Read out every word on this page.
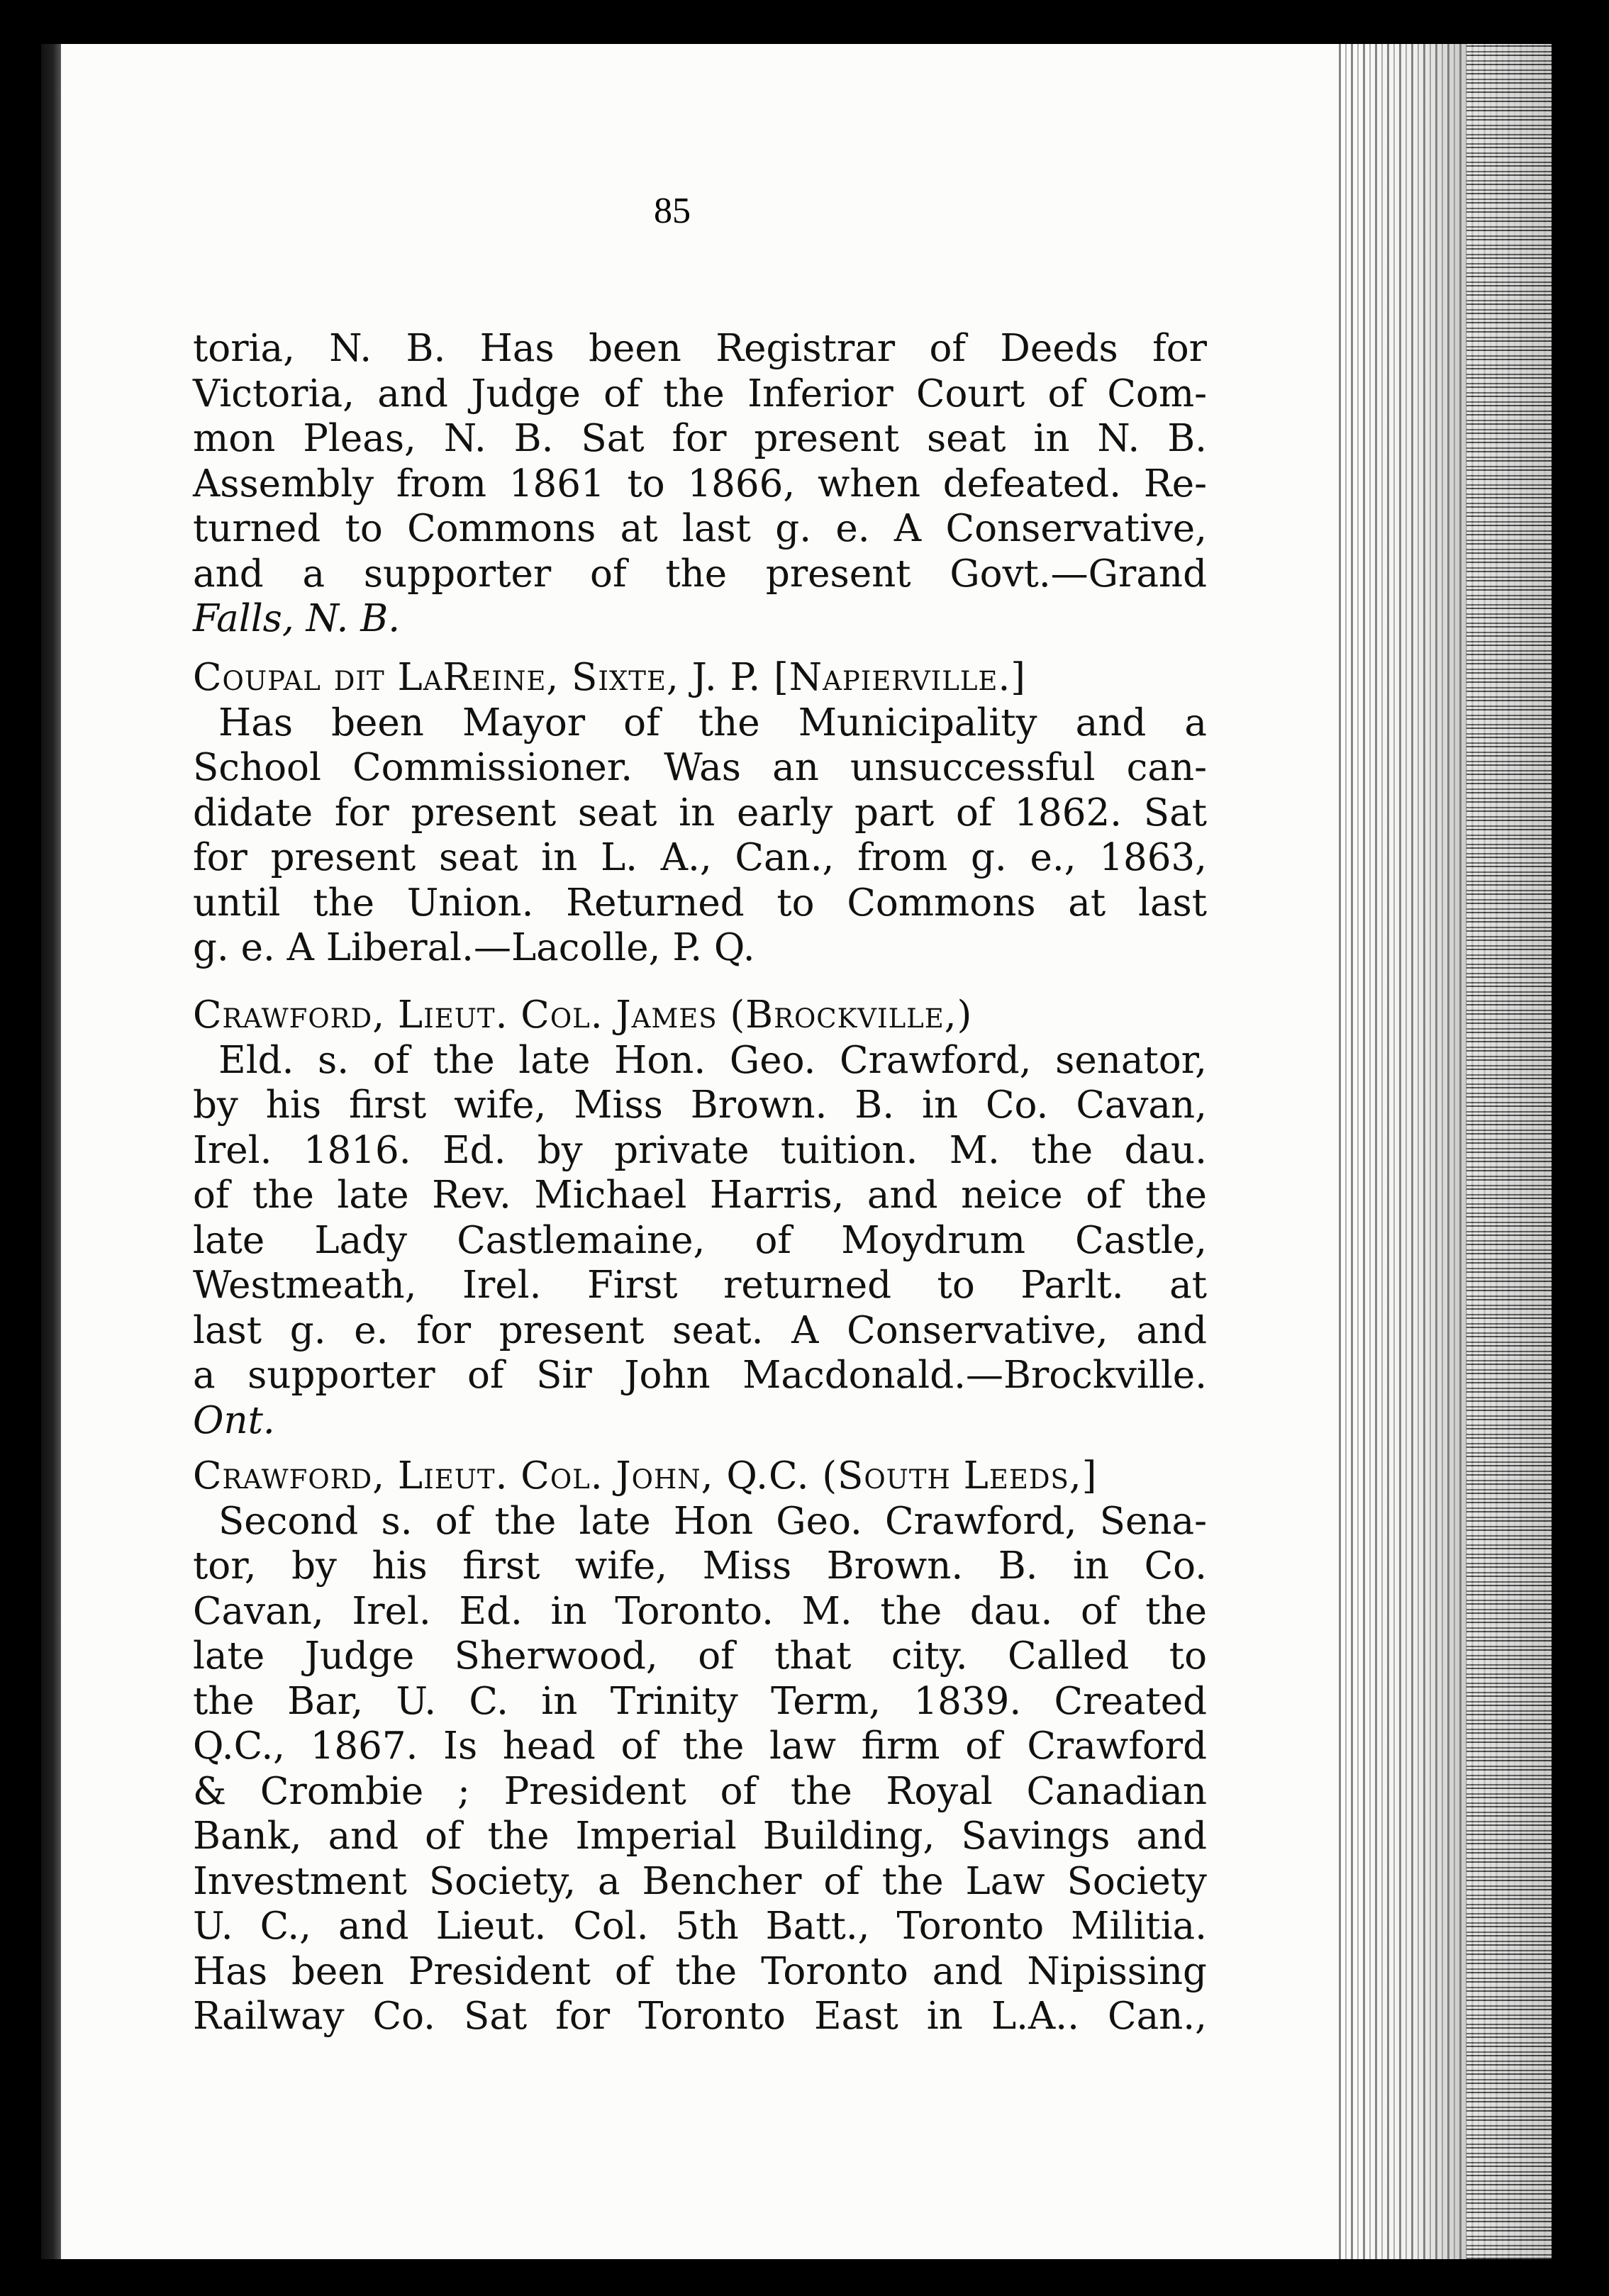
85
toria, N. B. Has been Registrar of Deeds for
Victoria, and Judge of the Inferior Court of Com-
mon Pleas, N. B. Sat for present seat in N. B.
Assembly from 1861 to 1866, when defeated. Re-
turned to Commons at last g. e. A Conservative,
and a supporter of the present Govt.—Grand
Falls, N. B.
Coupal dit LaReine, Sixte, J. P. [Napierville.]
Has been Mayor of the Municipality and a
School Commissioner. Was an unsuccessful can-
didate for present seat in early part of 1862. Sat
for present seat in L. A., Can., from g. e., 1863,
until the Union. Returned to Commons at last
g. e. A Liberal.—Lacolle, P. Q.
Crawford, Lieut. Col. James (Brockville,)
Eld. s. of the late Hon. Geo. Crawford, senator,
by his first wife, Miss Brown. B. in Co. Cavan,
Irel. 1816. Ed. by private tuition. M. the dau.
of the late Rev. Michael Harris, and neice of the
late Lady Castlemaine, of Moydrum Castle,
Westmeath, Irel. First returned to Parlt. at
last g. e. for present seat. A Conservative, and
a supporter of Sir John Macdonald.—Brockville.
Ont.
Crawford, Lieut. Col. John, Q.C. (South Leeds,]
Second s. of the late Hon Geo. Crawford, Sena-
tor, by his first wife, Miss Brown. B. in Co.
Cavan, Irel. Ed. in Toronto. M. the dau. of the
late Judge Sherwood, of that city. Called to
the Bar, U. C. in Trinity Term, 1839. Created
Q.C., 1867. Is head of the law firm of Crawford
& Crombie ; President of the Royal Canadian
Bank, and of the Imperial Building, Savings and
Investment Society, a Bencher of the Law Society
U. C., and Lieut. Col. 5th Batt., Toronto Militia.
Has been President of the Toronto and Nipissing
Railway Co. Sat for Toronto East in L.A.. Can.,
